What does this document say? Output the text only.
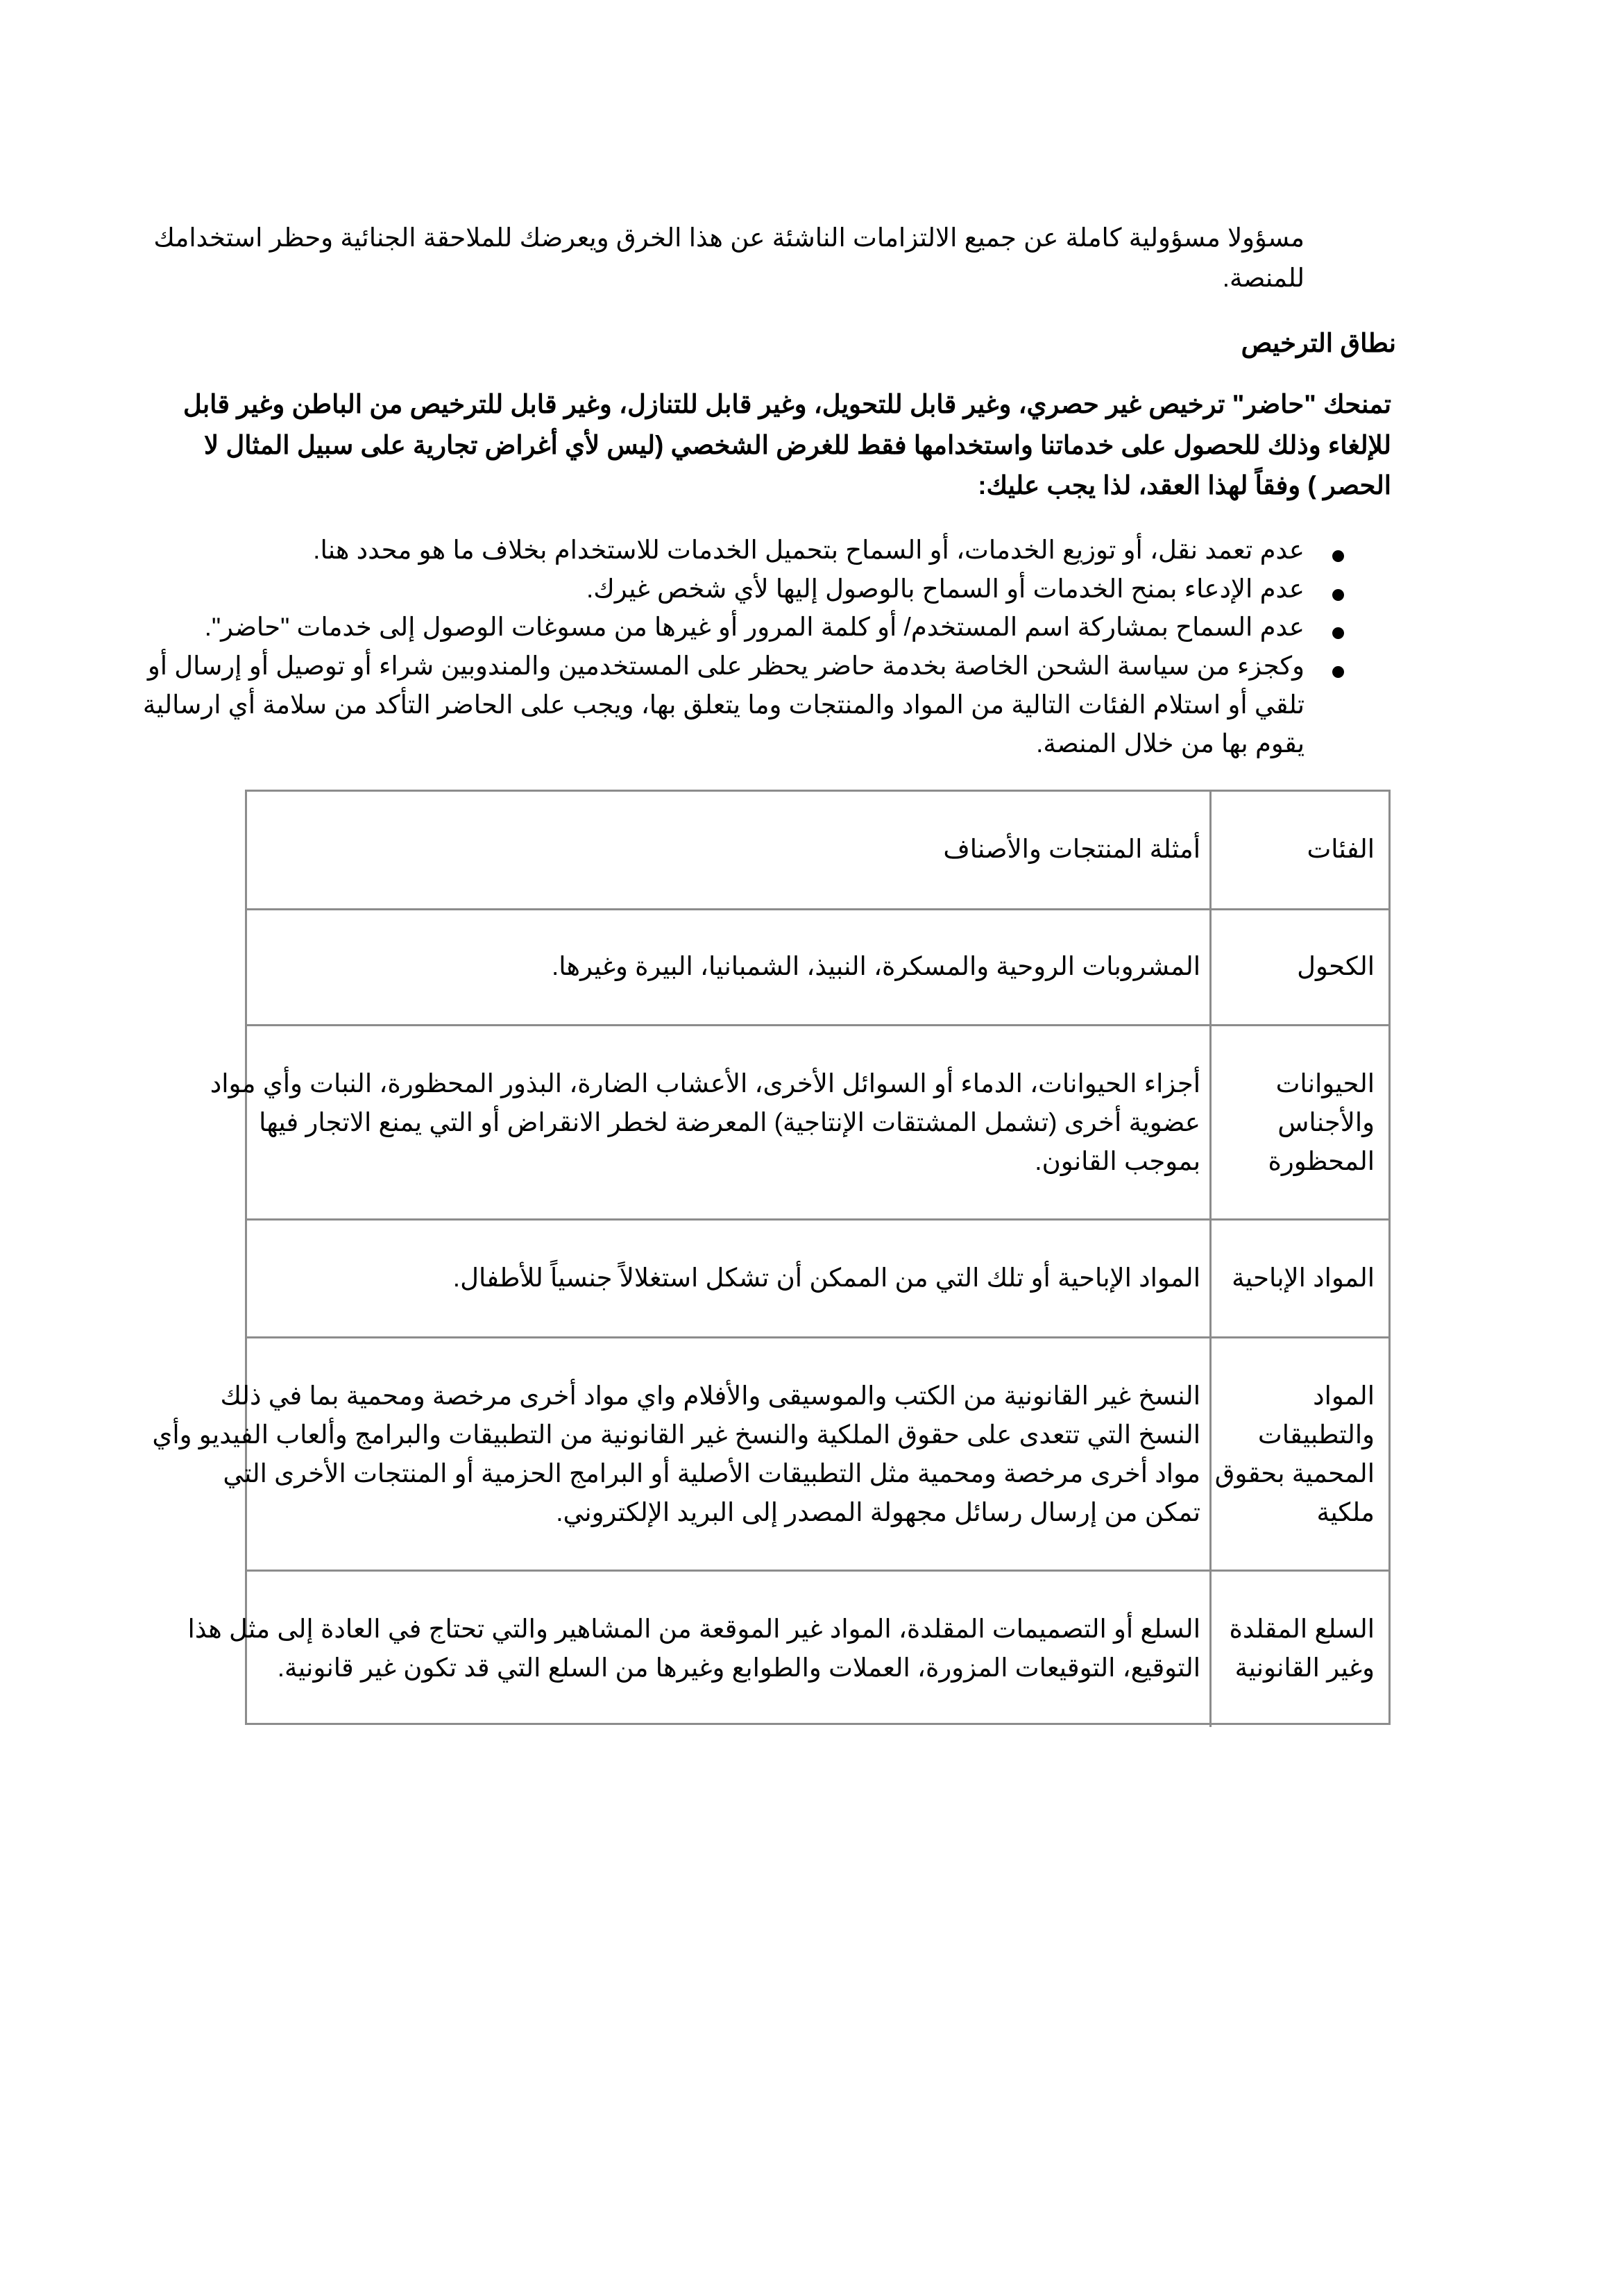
مسؤولا مسؤولية كاملة عن جميع الالتزامات الناشئة عن هذا الخرق ويعرضك للملاحقة الجنائية وحظر استخدامك
للمنصة.
نطاق الترخيص
تمنحك "حاضر" ترخيص غير حصري، وغير قابل للتحويل، وغير قابل للتنازل، وغير قابل للترخيص من الباطن وغير قابل
للإلغاء وذلك للحصول على خدماتنا واستخدامها فقط للغرض الشخصي (ليس لأي أغراض تجارية على سبيل المثال لا
الحصر ) وفقاً لهذا العقد، لذا يجب عليك:
عدم تعمد نقل، أو توزيع الخدمات، أو السماح بتحميل الخدمات للاستخدام بخلاف ما هو محدد هنا.
عدم الإدعاء بمنح الخدمات أو السماح بالوصول إليها لأي شخص غيرك.
عدم السماح بمشاركة اسم المستخدم/ أو كلمة المرور أو غيرها من مسوغات الوصول إلى خدمات "حاضر".
وكجزء من سياسة الشحن الخاصة بخدمة حاضر يحظر على المستخدمين والمندوبين شراء أو توصيل أو إرسال أو
تلقي أو استلام الفئات التالية من المواد والمنتجات وما يتعلق بها، ويجب على الحاضر التأكد من سلامة أي ارسالية
يقوم بها من خلال المنصة.
الفئات
أمثلة المنتجات والأصناف
الكحول
المشروبات الروحية والمسكرة، النبيذ، الشمبانيا، البيرة وغيرها.
الحيوانات
والأجناس
المحظورة
أجزاء الحيوانات، الدماء أو السوائل الأخرى، الأعشاب الضارة، البذور المحظورة، النبات وأي مواد
عضوية أخرى (تشمل المشتقات الإنتاجية) المعرضة لخطر الانقراض أو التي يمنع الاتجار فيها
بموجب القانون.
المواد الإباحية
المواد الإباحية أو تلك التي من الممكن أن تشكل استغلالاً جنسياً للأطفال.
المواد
والتطبيقات
المحمية بحقوق
ملكية
النسخ غير القانونية من الكتب والموسيقى والأفلام واي مواد أخرى مرخصة ومحمية بما في ذلك
النسخ التي تتعدى على حقوق الملكية والنسخ غير القانونية من التطبيقات والبرامج وألعاب الفيديو وأي
مواد أخرى مرخصة ومحمية مثل التطبيقات الأصلية أو البرامج الحزمية أو المنتجات الأخرى التي
تمكن من إرسال رسائل مجهولة المصدر إلى البريد الإلكتروني.
السلع المقلدة
وغير القانونية
السلع أو التصميمات المقلدة، المواد غير الموقعة من المشاهير والتي تحتاج في العادة إلى مثل هذا
التوقيع، التوقيعات المزورة، العملات والطوابع وغيرها من السلع التي قد تكون غير قانونية.
